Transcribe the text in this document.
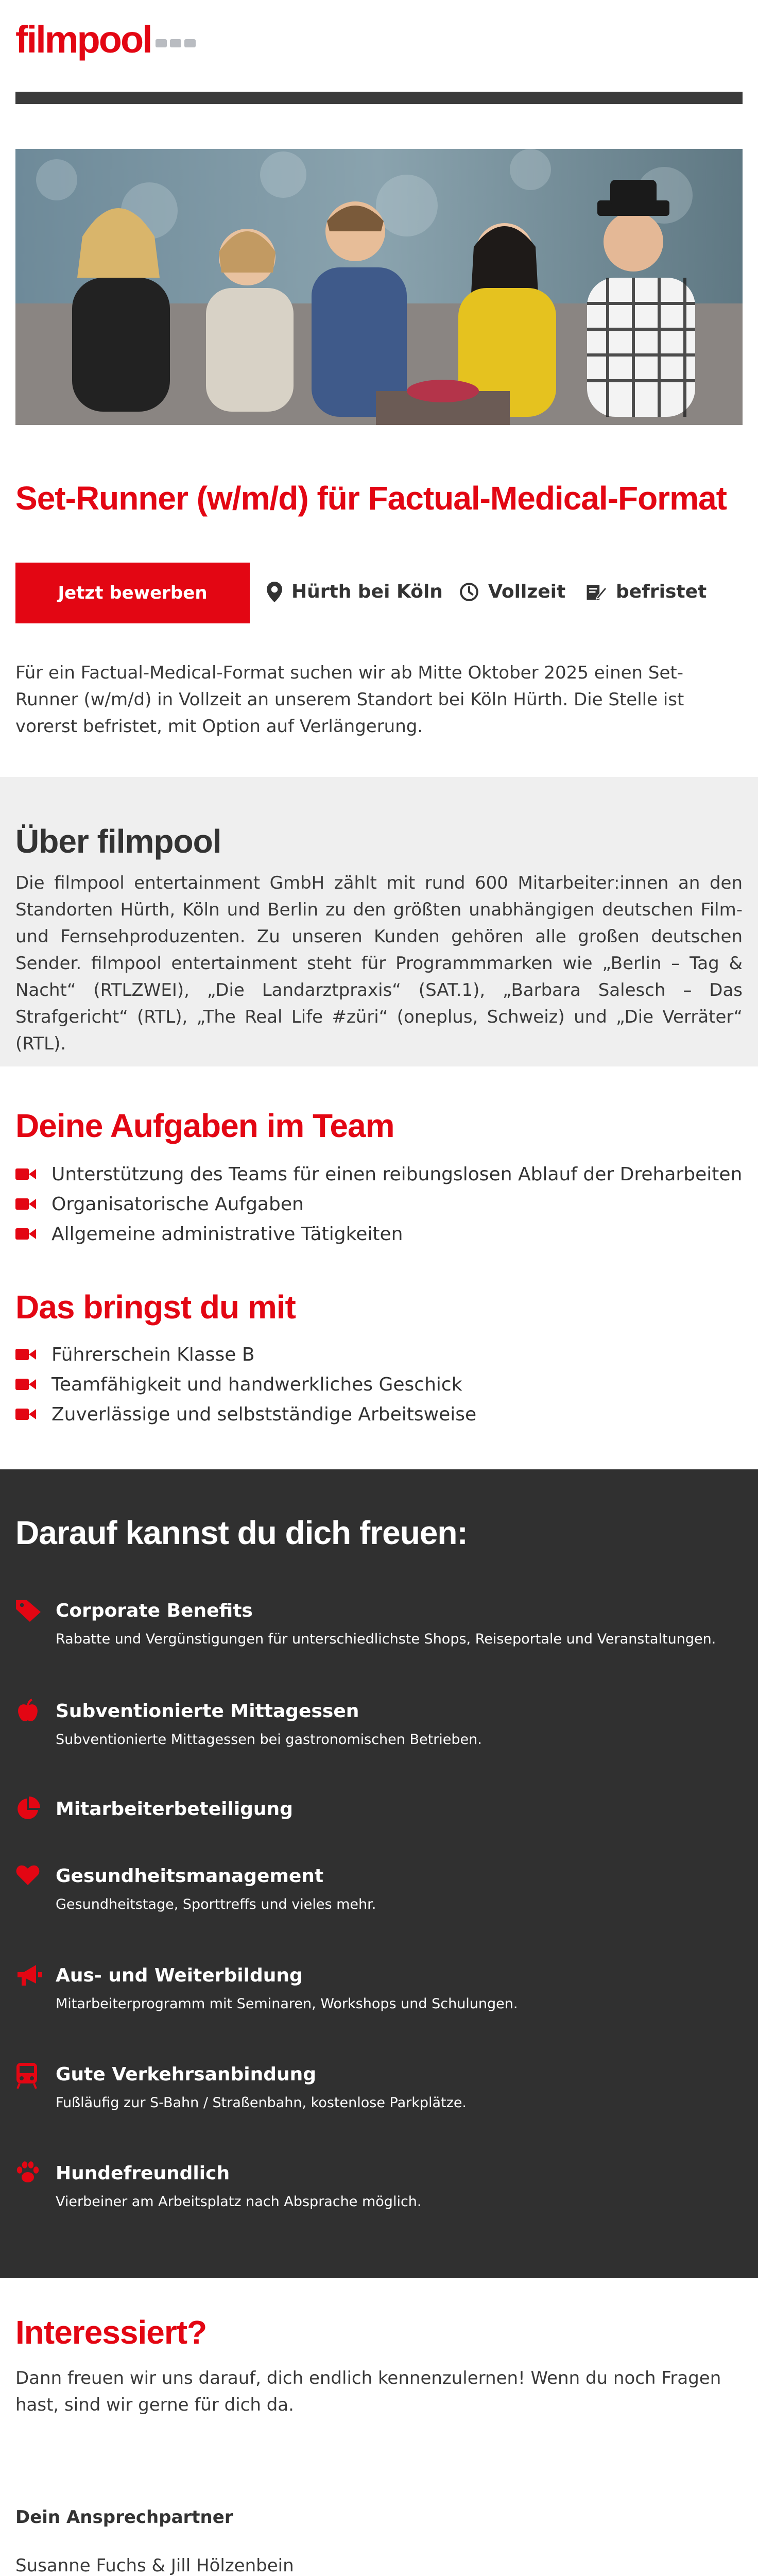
filmpool
Set-Runner (w/m/d) für Factual-Medical-Format
Jetzt bewerben	Hürth bei Köln Vollzeit	befristet

Für ein Factual-Medical-Format suchen wir ab Mitte Oktober 2025 einen Set-Runner (w/m/d) in Vollzeit an unserem Standort bei Köln Hürth. Die Stelle ist vorerst befristet, mit Option auf Verlängerung.

Über filmpool

Die filmpool entertainment GmbH zählt mit rund 600 Mitarbeiter:innen an den Standorten Hürth, Köln und Berlin zu den größten unabhängigen deutschen Film- und Fernsehproduzenten. Zu unseren Kunden gehören alle großen deutschen Sender. filmpool entertainment steht für Programmmarken wie „Berlin – Tag & Nacht“ (RTLZWEI), „Die Landarztpraxis“ (SAT.1), „Barbara Salesch – Das Strafgericht“ (RTL), „The Real Life #züri“ (oneplus, Schweiz) und „Die Verräter“ (RTL).

Deine Aufgaben im Team
Unterstützung des Teams für einen reibungslosen Ablauf der Dreharbeiten
Organisatorische Aufgaben
Allgemeine administrative Tätigkeiten
Das bringst du mit
Führerschein Klasse B
Teamfähigkeit und handwerkliches Geschick
Zuverlässige und selbstständige Arbeitsweise
Darauf kannst du dich freuen:
Corporate Benefits
Rabatte und Vergünstigungen für unterschiedlichste Shops, Reiseportale und Veranstaltungen.
Subventionierte Mittagessen
Subventionierte Mittagessen bei gastronomischen Betrieben.
Mitarbeiterbeteiligung
Gesundheitsmanagement
Gesundheitstage, Sporttreffs und vieles mehr.
Aus- und Weiterbildung
Mitarbeiterprogramm mit Seminaren, Workshops und Schulungen.
Gute Verkehrsanbindung
Fußläufig zur S-Bahn / Straßenbahn, kostenlose Parkplätze.
Hundefreundlich
Vierbeiner am Arbeitsplatz nach Absprache möglich.
Interessiert?

Dann freuen wir uns darauf, dich endlich kennenzulernen! Wenn du noch Fragen hast, sind wir gerne für dich da.

Dein Ansprechpartner
Susanne Fuchs & Jill Hölzenbein
